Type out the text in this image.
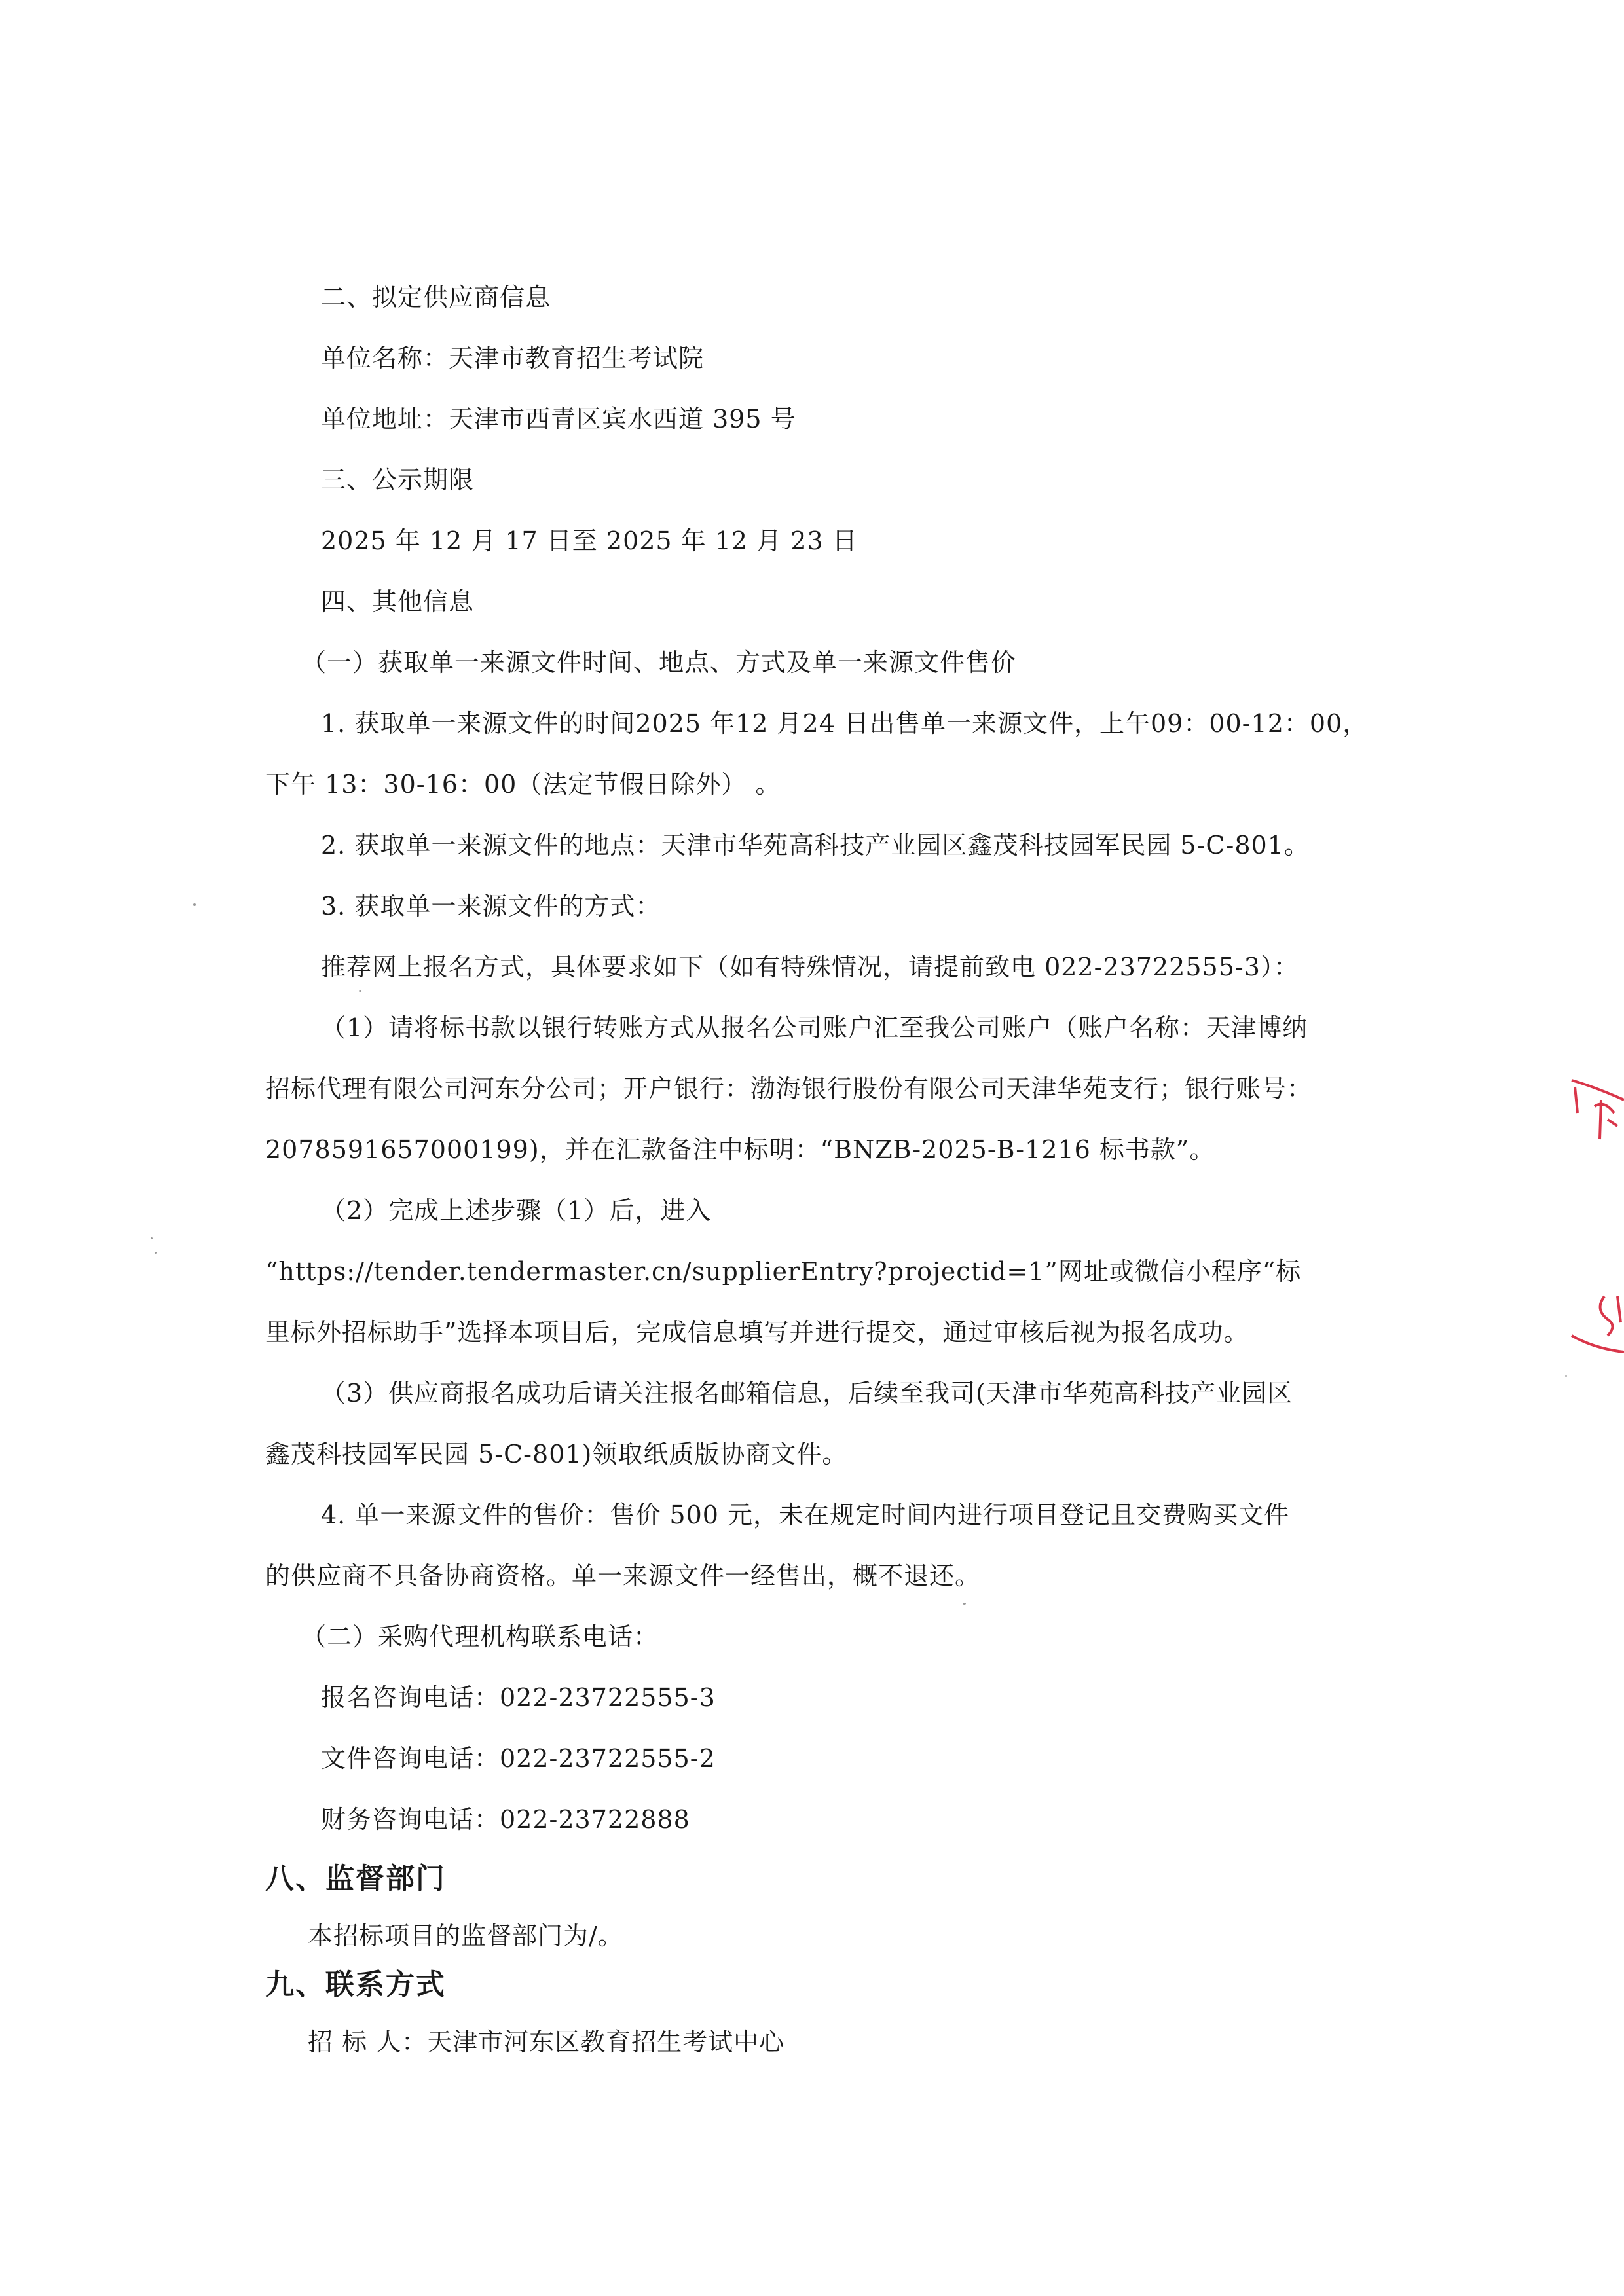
二、拟定供应商信息
单位名称：天津市教育招生考试院
单位地址：天津市西青区宾水西道 395 号
三、公示期限
2025 年 12 月 17 日至 2025 年 12 月 23 日
四、其他信息
（一）获取单一来源文件时间、地点、方式及单一来源文件售价
1. 获取单一来源文件的时间2025 年12 月24 日出售单一来源文件，上午09：00-12：00，
下午 13：30-16：00（法定节假日除外） 。
2. 获取单一来源文件的地点：天津市华苑高科技产业园区鑫茂科技园军民园 5-C-801。
3. 获取单一来源文件的方式：
推荐网上报名方式，具体要求如下（如有特殊情况，请提前致电 022-23722555-3）：
（1）请将标书款以银行转账方式从报名公司账户汇至我公司账户（账户名称：天津博纳
招标代理有限公司河东分公司；开户银行：渤海银行股份有限公司天津华苑支行；银行账号：
2078591657000199)，并在汇款备注中标明：“BNZB-2025-B-1216 标书款”。
（2）完成上述步骤（1）后，进入
“https://tender.tendermaster.cn/supplierEntry?projectid=1”网址或微信小程序“标
里标外招标助手”选择本项目后，完成信息填写并进行提交，通过审核后视为报名成功。
（3）供应商报名成功后请关注报名邮箱信息，后续至我司(天津市华苑高科技产业园区
鑫茂科技园军民园 5-C-801)领取纸质版协商文件。
4. 单一来源文件的售价：售价 500 元，未在规定时间内进行项目登记且交费购买文件
的供应商不具备协商资格。单一来源文件一经售出，概不退还。
（二）采购代理机构联系电话：
报名咨询电话：022-23722555-3
文件咨询电话：022-23722555-2
财务咨询电话：022-23722888
八、监督部门
本招标项目的监督部门为/。
九、联系方式
招 标 人：天津市河东区教育招生考试中心
